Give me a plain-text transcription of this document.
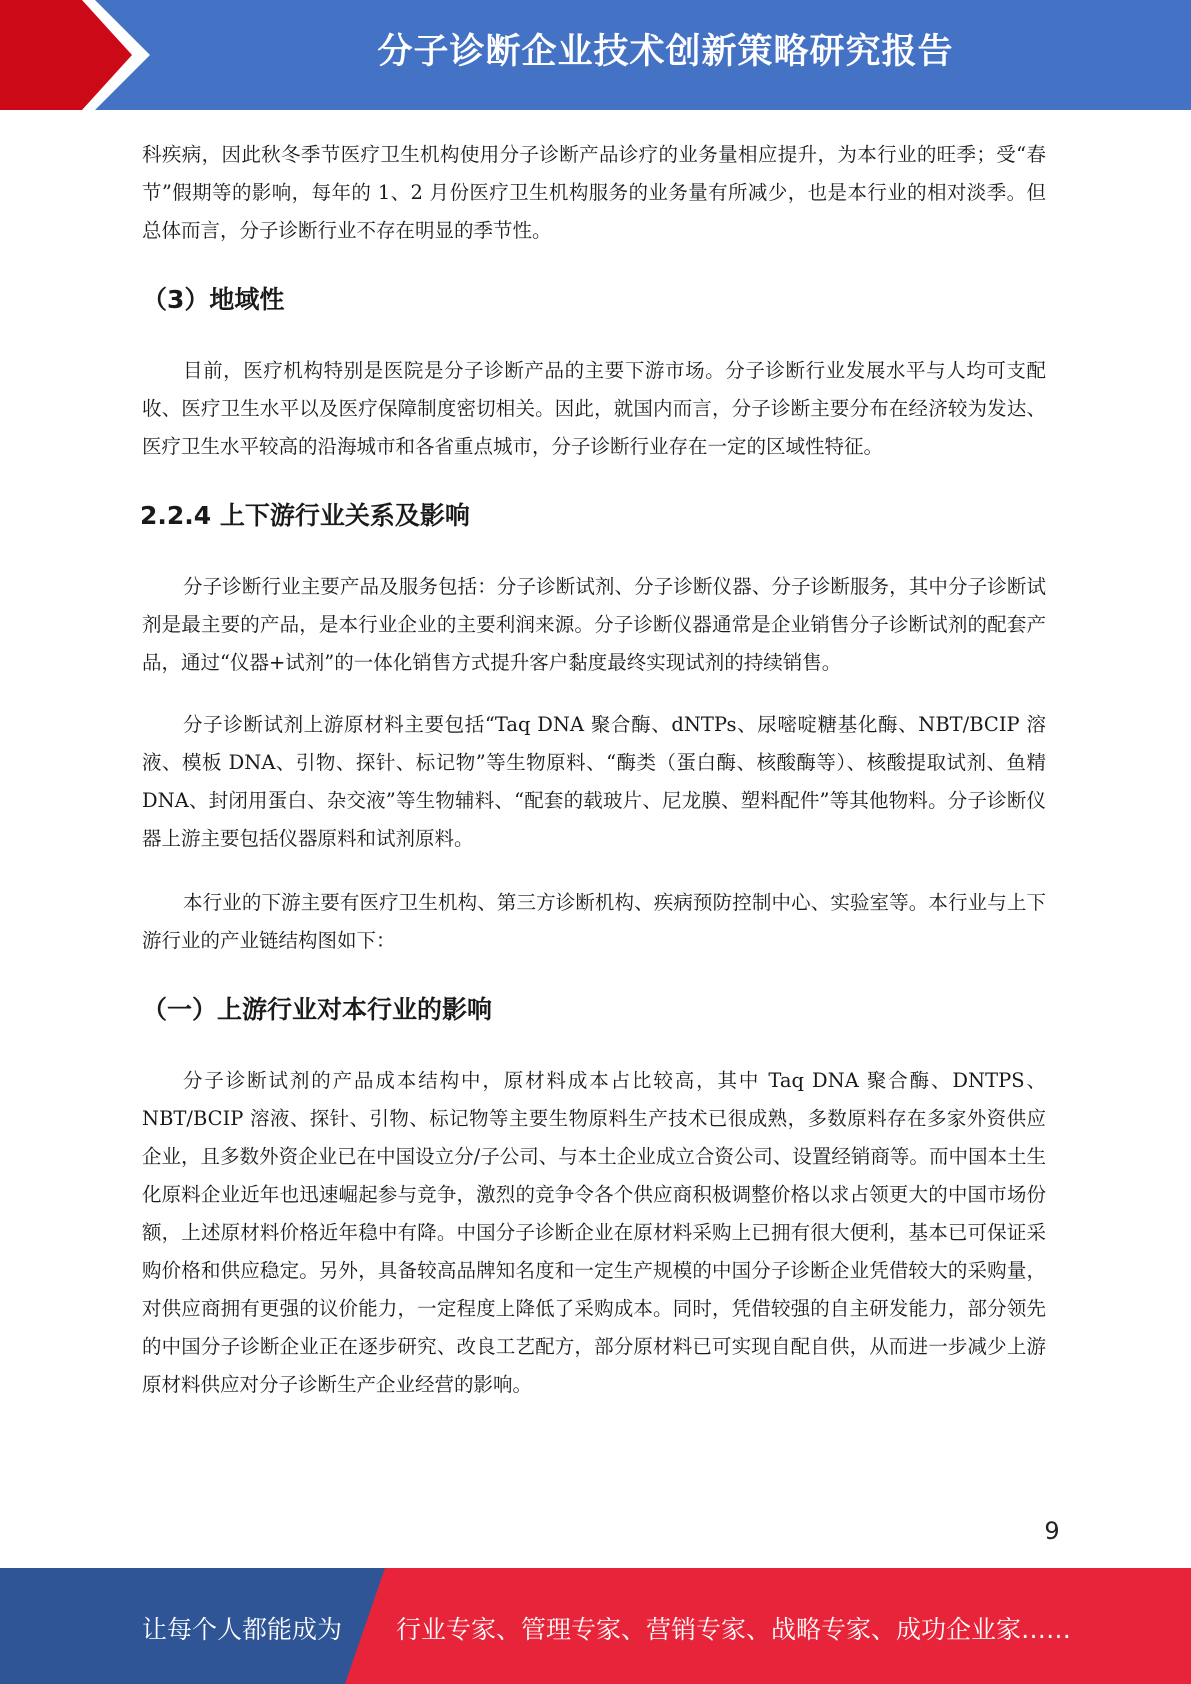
分子诊断企业技术创新策略研究报告

科疾病，因此秋冬季节医疗卫生机构使用分子诊断产品诊疗的业务量相应提升，为本行业的旺季；受“春节”假期等的影响，每年的 1、2 月份医疗卫生机构服务的业务量有所减少，也是本行业的相对淡季。但总体而言，分子诊断行业不存在明显的季节性。

（3）地域性

目前，医疗机构特别是医院是分子诊断产品的主要下游市场。分子诊断行业发展水平与人均可支配收、医疗卫生水平以及医疗保障制度密切相关。因此，就国内而言，分子诊断主要分布在经济较为发达、医疗卫生水平较高的沿海城市和各省重点城市，分子诊断行业存在一定的区域性特征。

2.2.4 上下游行业关系及影响

分子诊断行业主要产品及服务包括：分子诊断试剂、分子诊断仪器、分子诊断服务，其中分子诊断试剂是最主要的产品，是本行业企业的主要利润来源。分子诊断仪器通常是企业销售分子诊断试剂的配套产品，通过“仪器+试剂”的一体化销售方式提升客户黏度最终实现试剂的持续销售。

分子诊断试剂上游原材料主要包括“Taq DNA 聚合酶、dNTPs、尿嘧啶糖基化酶、NBT/BCIP 溶液、模板 DNA、引物、探针、标记物”等生物原料、“酶类（蛋白酶、核酸酶等）、核酸提取试剂、鱼精 DNA、封闭用蛋白、杂交液”等生物辅料、“配套的载玻片、尼龙膜、塑料配件”等其他物料。分子诊断仪器上游主要包括仪器原料和试剂原料。

本行业的下游主要有医疗卫生机构、第三方诊断机构、疾病预防控制中心、实验室等。本行业与上下游行业的产业链结构图如下：

（一）上游行业对本行业的影响

分子诊断试剂的产品成本结构中，原材料成本占比较高，其中 Taq DNA 聚合酶、DNTPS、NBT/BCIP 溶液、探针、引物、标记物等主要生物原料生产技术已很成熟，多数原料存在多家外资供应企业，且多数外资企业已在中国设立分/子公司、与本土企业成立合资公司、设置经销商等。而中国本土生化原料企业近年也迅速崛起参与竞争，激烈的竞争令各个供应商积极调整价格以求占领更大的中国市场份额，上述原材料价格近年稳中有降。中国分子诊断企业在原材料采购上已拥有很大便利，基本已可保证采购价格和供应稳定。另外，具备较高品牌知名度和一定生产规模的中国分子诊断企业凭借较大的采购量，对供应商拥有更强的议价能力，一定程度上降低了采购成本。同时，凭借较强的自主研发能力，部分领先的中国分子诊断企业正在逐步研究、改良工艺配方，部分原材料已可实现自配自供，从而进一步减少上游原材料供应对分子诊断生产企业经营的影响。

9
让每个人都能成为 行业专家、管理专家、营销专家、战略专家、成功企业家……
